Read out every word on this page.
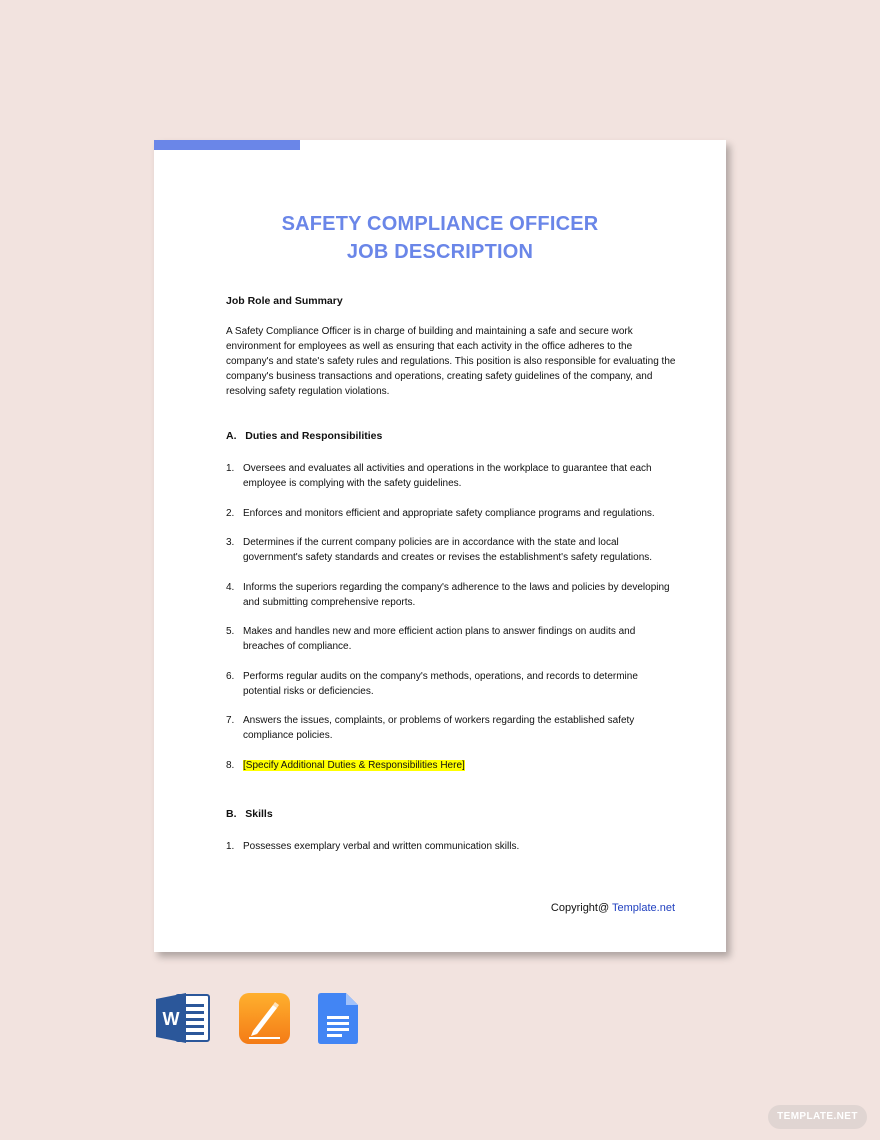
SAFETY COMPLIANCE OFFICER
JOB DESCRIPTION
Job Role and Summary

A Safety Compliance Officer is in charge of building and maintaining a safe and secure work environment for employees as well as ensuring that each activity in the office adheres to the company's and state's safety rules and regulations. This position is also responsible for evaluating the company's business transactions and operations, creating safety guidelines of the company, and resolving safety regulation violations.

A.   Duties and Responsibilities
1. Oversees and evaluates all activities and operations in the workplace to guarantee that each employee is complying with the safety guidelines.
2. Enforces and monitors efficient and appropriate safety compliance programs and regulations.
3. Determines if the current company policies are in accordance with the state and local government's safety standards and creates or revises the establishment's safety regulations.
4. Informs the superiors regarding the company's adherence to the laws and policies by developing and submitting comprehensive reports.
5. Makes and handles new and more efficient action plans to answer findings on audits and breaches of compliance.
6. Performs regular audits on the company's methods, operations, and records to determine potential risks or deficiencies.
7. Answers the issues, complaints, or problems of workers regarding the established safety compliance policies.
8. [Specify Additional Duties & Responsibilities Here]
B.   Skills
1. Possesses exemplary verbal and written communication skills.
Copyright@ Template.net
W
TEMPLATE.NET
